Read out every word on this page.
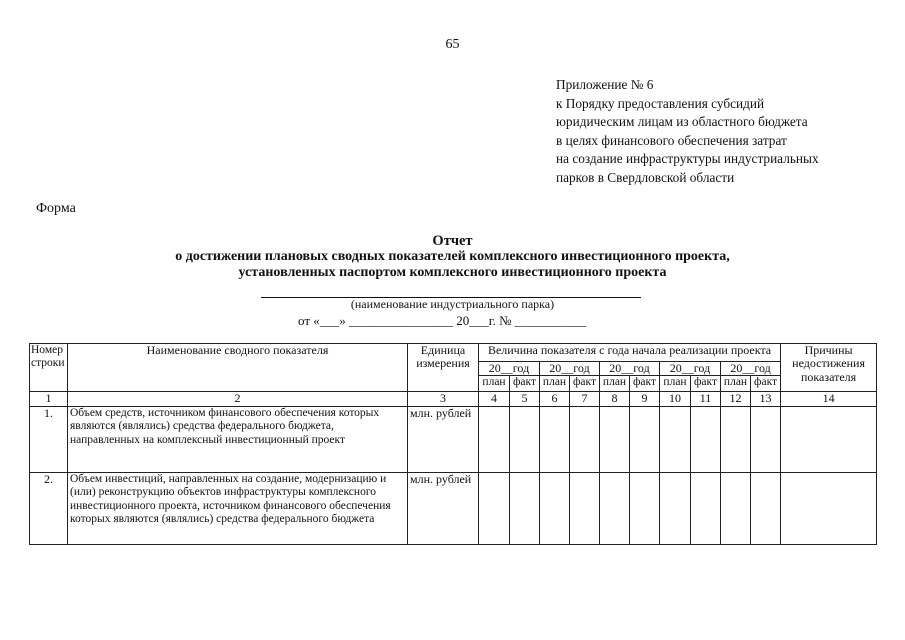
65
Приложение № 6
к Порядку предоставления субсидий
юридическим лицам из областного бюджета
в целях финансового обеспечения затрат
на создание инфраструктуры индустриальных
парков в Свердловской области
Форма
Отчет
о достижении плановых сводных показателей комплексного инвестиционного проекта,
установленных паспортом комплексного инвестиционного проекта
(наименование индустриального парка)
от «___» ________________ 20___г. № ___________
Номер строки	Наименование сводного показателя	Единица измерения	Величина показателя с года начала реализации проекта										Причины недостижения показателя
			20__год		20__год		20__год		20__год		20__год		
			план	факт	план	факт	план	факт	план	факт	план	факт	
1	2	3	4	5	6	7	8	9	10	11	12	13	14
1.	Объем средств, источником финансового обеспечения которых являются (являлись) средства федерального бюджета, направленных на комплексный инвестиционный проект	млн. рублей											
2.	Объем инвестиций, направленных на создание, модернизацию и (или) реконструкцию объектов инфраструктуры комплексного инвестиционного проекта, источником финансового обеспечения которых являются (являлись) средства федерального бюджета	млн. рублей											
